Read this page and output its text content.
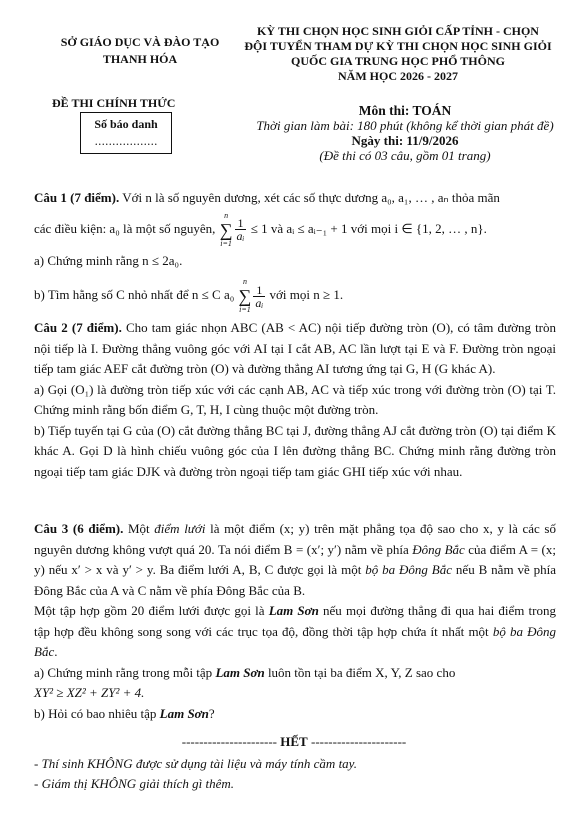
SỞ GIÁO DỤC VÀ ĐÀO TẠO
THANH HÓA
KỲ THI CHỌN HỌC SINH GIỎI CẤP TỈNH - CHỌN
ĐỘI TUYỂN THAM DỰ KỲ THI CHỌN HỌC SINH GIỎI
QUỐC GIA TRUNG HỌC PHỔ THÔNG
NĂM HỌC 2026 - 2027
ĐỀ THI CHÍNH THỨC
Số báo danh
..................
Môn thi: TOÁN
Thời gian làm bài: 180 phút (không kể thời gian phát đề)
Ngày thi: 11/9/2026
(Đề thi có 03 câu, gồm 01 trang)

Câu 1 (7 điểm). Với n là số nguyên dương, xét các số thực dương a₀, a₁, … , aₙ thỏa mãn

các điều kiện: a₀ là một số nguyên,
n
∑
i=1
$\frac{1}{\text{aᵢ}} \le 1$ và aᵢ ≤ aᵢ₋₁ + 1 với mọi i ∈ {1, 2, … , n}.

a) Chứng minh rằng n ≤ 2a₀.

b) Tìm hằng số C nhỏ nhất để n ≤ C a₀
n
∑
i=1
$\frac{1}{\text{aᵢ}}$ với mọi n ≥ 1.

Câu 2 (7 điểm). Cho tam giác nhọn ABC (AB < AC) nội tiếp đường tròn (O), có tâm đường tròn nội tiếp là I. Đường thẳng vuông góc với AI tại I cắt AB, AC lần lượt tại E và F. Đường tròn ngoại tiếp tam giác AEF cắt đường tròn (O) và đường thẳng AI tương ứng tại G, H (G khác A).

a) Gọi (O₁) là đường tròn tiếp xúc với các cạnh AB, AC và tiếp xúc trong với đường tròn (O) tại T. Chứng minh rằng bốn điểm G, T, H, I cùng thuộc một đường tròn.

b) Tiếp tuyến tại G của (O) cắt đường thẳng BC tại J, đường thẳng AJ cắt đường tròn (O) tại điểm K khác A. Gọi D là hình chiếu vuông góc của I lên đường thẳng BC. Chứng minh rằng đường tròn ngoại tiếp tam giác DJK và đường tròn ngoại tiếp tam giác GHI tiếp xúc với nhau.

Câu 3 (6 điểm). Một điểm lưới là một điểm (x; y) trên mặt phẳng tọa độ sao cho x, y là các số nguyên dương không vượt quá 20. Ta nói điểm B = (x′; y′) nằm về phía Đông Bắc của điểm A = (x; y) nếu x′ > x và y′ > y. Ba điểm lưới A, B, C được gọi là một bộ ba Đông Bắc nếu B nằm về phía Đông Bắc của A và C nằm về phía Đông Bắc của B.

Một tập hợp gồm 20 điểm lưới được gọi là Lam Sơn nếu mọi đường thẳng đi qua hai điểm trong tập hợp đều không song song với các trục tọa độ, đồng thời tập hợp chứa ít nhất một bộ ba Đông Bắc.

a) Chứng minh rằng trong mỗi tập Lam Sơn luôn tồn tại ba điểm X, Y, Z sao cho

XY² ≥ XZ² + ZY² + 4.

b) Hỏi có bao nhiêu tập Lam Sơn?

---------------------- HẾT ----------------------
- Thí sinh KHÔNG được sử dụng tài liệu và máy tính cầm tay.
- Giám thị KHÔNG giải thích gì thêm.
